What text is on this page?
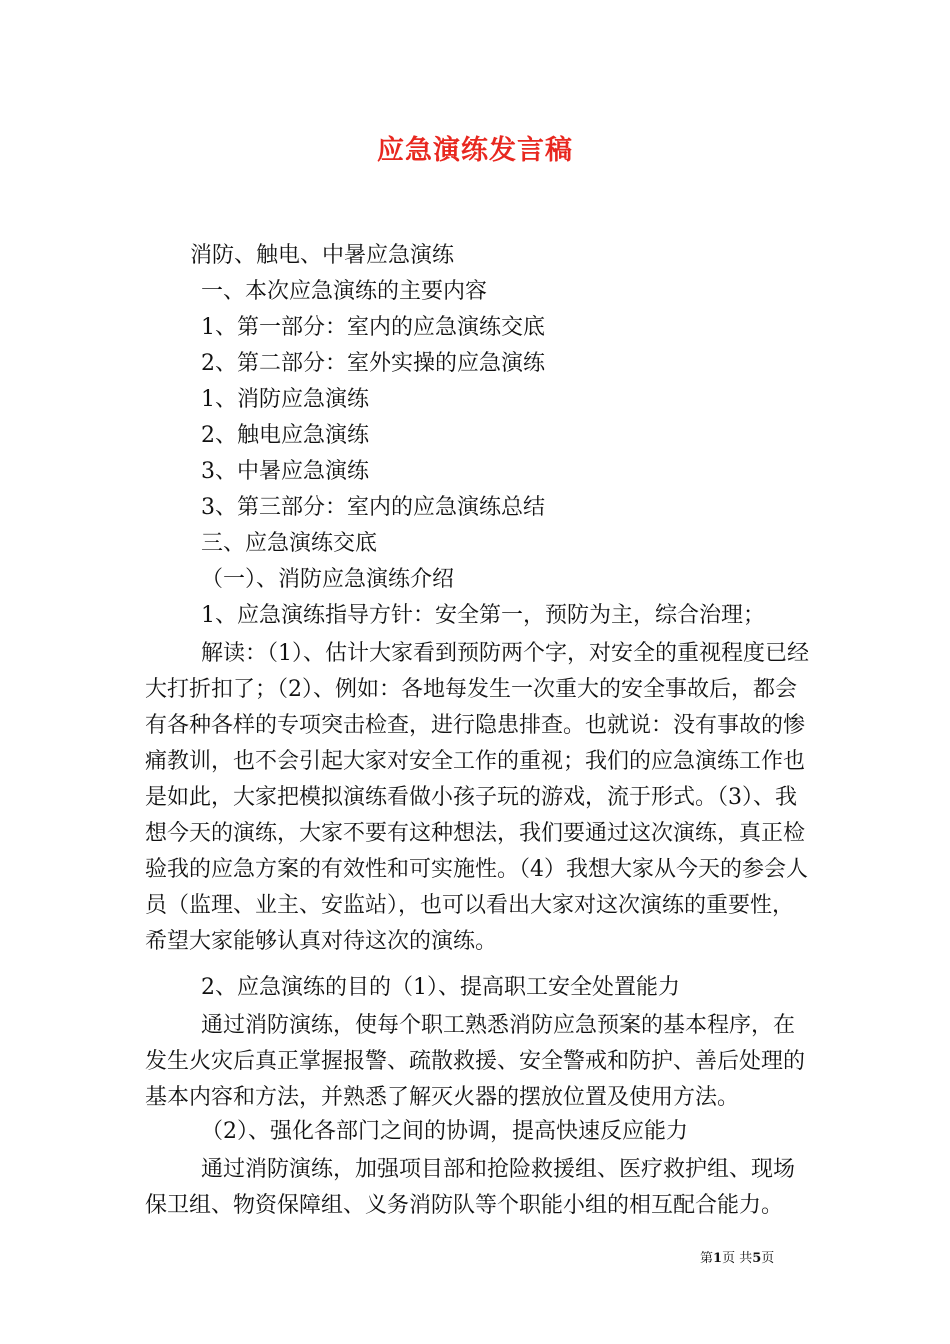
应急演练发言稿
消防、触电、中暑应急演练
一、本次应急演练的主要内容
1、第一部分：室内的应急演练交底
2、第二部分：室外实操的应急演练
1、消防应急演练
2、触电应急演练
3、中暑应急演练
3、第三部分：室内的应急演练总结
三、应急演练交底
（一）、消防应急演练介绍
1、应急演练指导方针：安全第一，预防为主，综合治理；
解读：（1）、估计大家看到预防两个字，对安全的重视程度已经大打折扣了；（2）、例如：各地每发生一次重大的安全事故后，都会有各种各样的专项突击检查，进行隐患排查。也就说：没有事故的惨痛教训，也不会引起大家对安全工作的重视；我们的应急演练工作也是如此，大家把模拟演练看做小孩子玩的游戏，流于形式。（3）、我想今天的演练，大家不要有这种想法，我们要通过这次演练，真正检验我的应急方案的有效性和可实施性。（4）我想大家从今天的参会人员（监理、业主、安监站），也可以看出大家对这次演练的重要性，希望大家能够认真对待这次的演练。
2、应急演练的目的（1）、提高职工安全处置能力
通过消防演练，使每个职工熟悉消防应急预案的基本程序，在发生火灾后真正掌握报警、疏散救援、安全警戒和防护、善后处理的基本内容和方法，并熟悉了解灭火器的摆放位置及使用方法。
（2）、强化各部门之间的协调，提高快速反应能力
通过消防演练，加强项目部和抢险救援组、医疗救护组、现场保卫组、物资保障组、义务消防队等个职能小组的相互配合能力。
第1页 共5页
